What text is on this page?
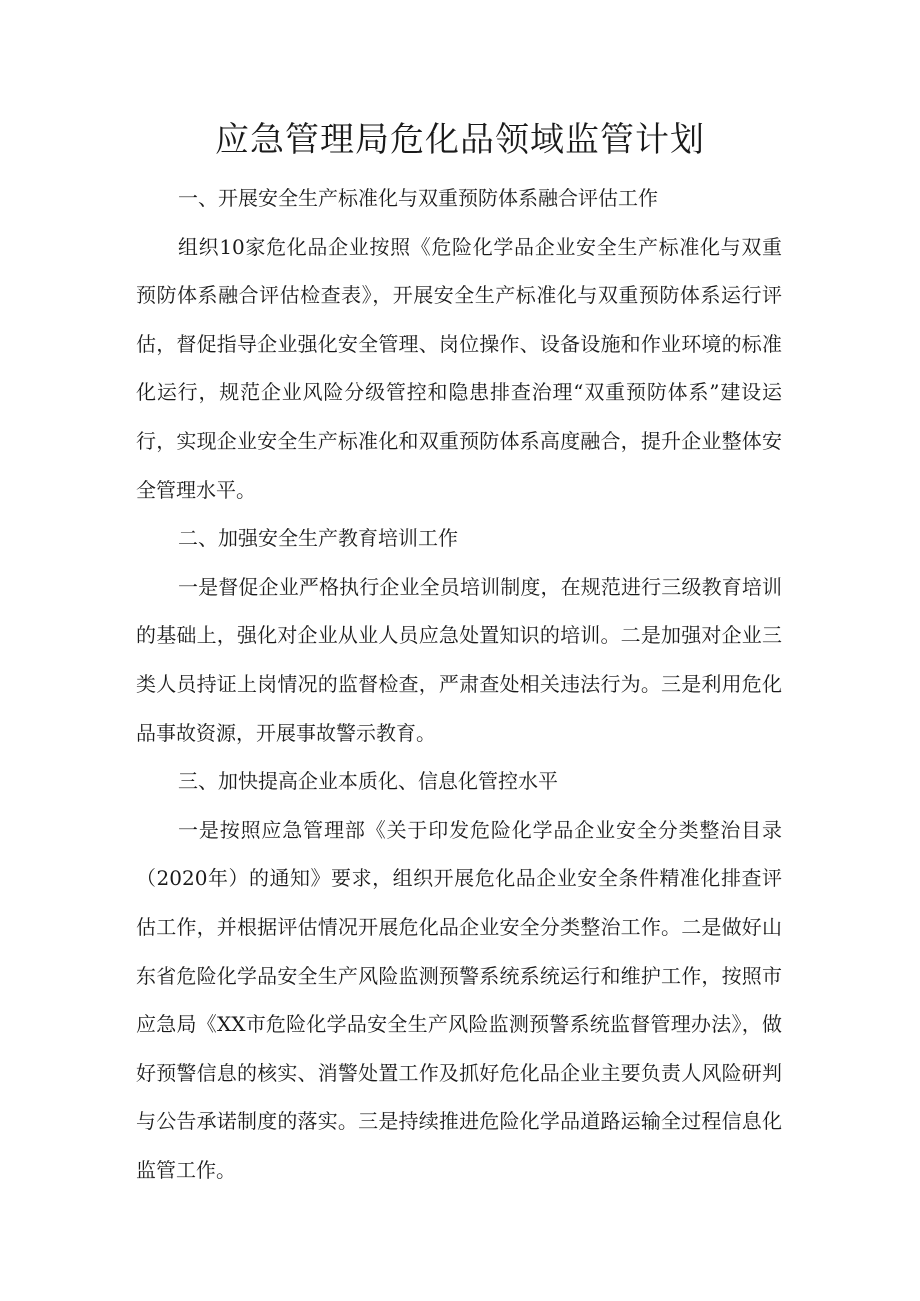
应急管理局危化品领域监管计划

一、开展安全生产标准化与双重预防体系融合评估工作

组织10家危化品企业按照《危险化学品企业安全生产标准化与双重预防体系融合评估检查表》，开展安全生产标准化与双重预防体系运行评估，督促指导企业强化安全管理、岗位操作、设备设施和作业环境的标准化运行，规范企业风险分级管控和隐患排查治理“双重预防体系”建设运行，实现企业安全生产标准化和双重预防体系高度融合，提升企业整体安全管理水平。

二、加强安全生产教育培训工作

一是督促企业严格执行企业全员培训制度，在规范进行三级教育培训的基础上，强化对企业从业人员应急处置知识的培训。二是加强对企业三类人员持证上岗情况的监督检查，严肃查处相关违法行为。三是利用危化品事故资源，开展事故警示教育。

三、加快提高企业本质化、信息化管控水平

一是按照应急管理部《关于印发危险化学品企业安全分类整治目录（2020年）的通知》要求，组织开展危化品企业安全条件精准化排查评估工作，并根据评估情况开展危化品企业安全分类整治工作。二是做好山东省危险化学品安全生产风险监测预警系统系统运行和维护工作，按照市应急局《XX市危险化学品安全生产风险监测预警系统监督管理办法》，做好预警信息的核实、消警处置工作及抓好危化品企业主要负责人风险研判与公告承诺制度的落实。三是持续推进危险化学品道路运输全过程信息化监管工作。
